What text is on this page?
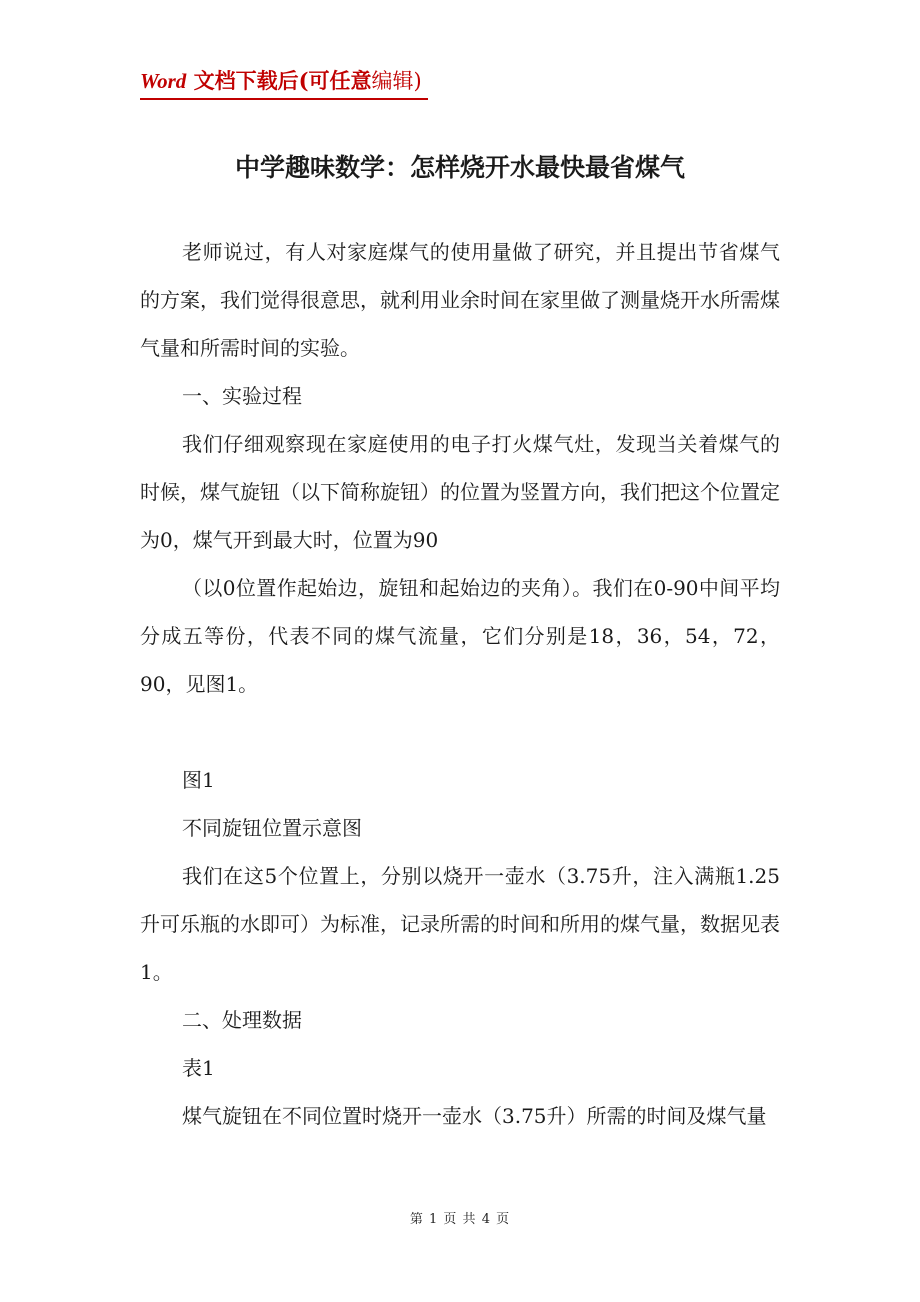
Word 文档下载后(可任意编辑)
中学趣味数学：怎样烧开水最快最省煤气

老师说过，有人对家庭煤气的使用量做了研究，并且提出节省煤气的方案，我们觉得很意思，就利用业余时间在家里做了测量烧开水所需煤气量和所需时间的实验。

一、实验过程

我们仔细观察现在家庭使用的电子打火煤气灶，发现当关着煤气的时候，煤气旋钮（以下简称旋钮）的位置为竖置方向，我们把这个位置定为0，煤气开到最大时，位置为90

（以0位置作起始边，旋钮和起始边的夹角）。我们在0-90中间平均分成五等份，代表不同的煤气流量，它们分别是18，36，54，72，90，见图1。

图1

不同旋钮位置示意图

我们在这5个位置上，分别以烧开一壶水（3.75升，注入满瓶1.25升可乐瓶的水即可）为标准，记录所需的时间和所用的煤气量，数据见表1。

二、处理数据

表1

煤气旋钮在不同位置时烧开一壶水（3.75升）所需的时间及煤气量

第 1 页 共 4 页
